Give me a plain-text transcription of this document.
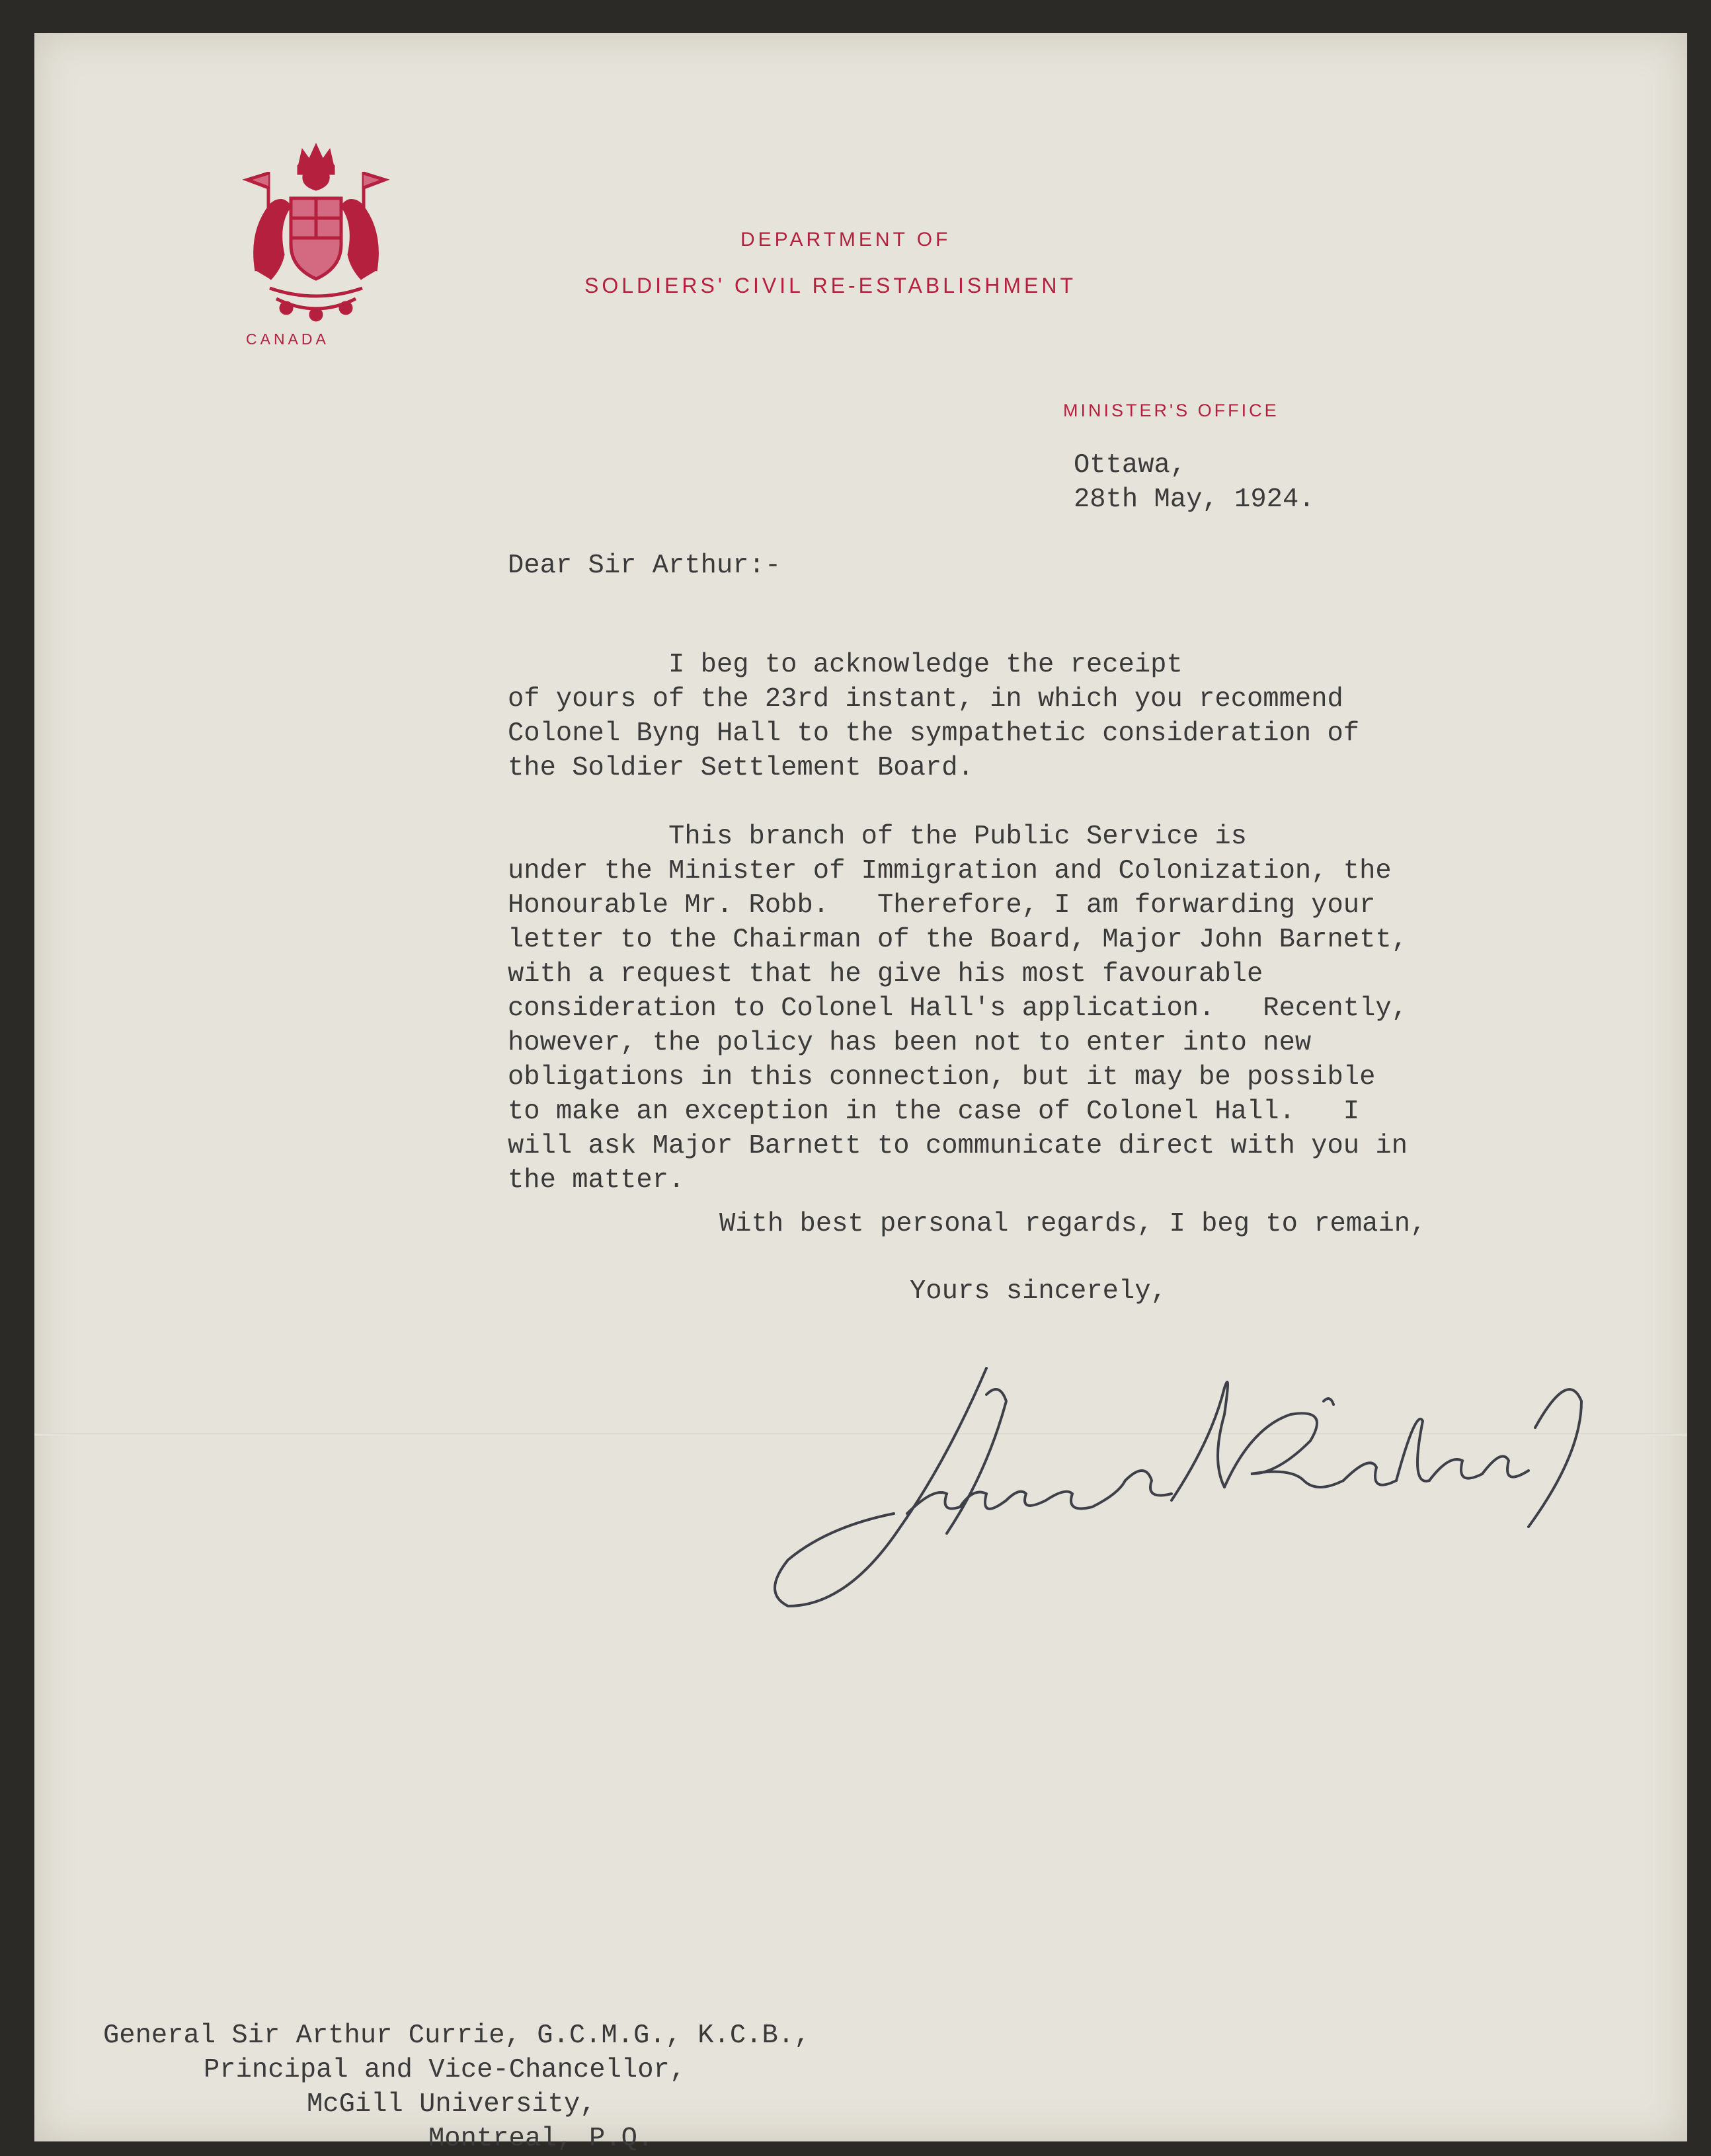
CANADA
DEPARTMENT OF
SOLDIERS' CIVIL RE-ESTABLISHMENT
MINISTER'S OFFICE
Ottawa,
28th May, 1924.
Dear Sir Arthur:-
I beg to acknowledge the receipt
of yours of the 23rd instant, in which you recommend
Colonel Byng Hall to the sympathetic consideration of
the Soldier Settlement Board.
This branch of the Public Service is
under the Minister of Immigration and Colonization, the
Honourable Mr. Robb.   Therefore, I am forwarding your
letter to the Chairman of the Board, Major John Barnett,
with a request that he give his most favourable
consideration to Colonel Hall's application.   Recently,
however, the policy has been not to enter into new
obligations in this connection, but it may be possible
to make an exception in the case of Colonel Hall.   I
will ask Major Barnett to communicate direct with you in
the matter.
With best personal regards, I beg to remain,
Yours sincerely,
General Sir Arthur Currie, G.C.M.G., K.C.B.,
Principal and Vice-Chancellor,
McGill University,
Montreal, P.Q.
